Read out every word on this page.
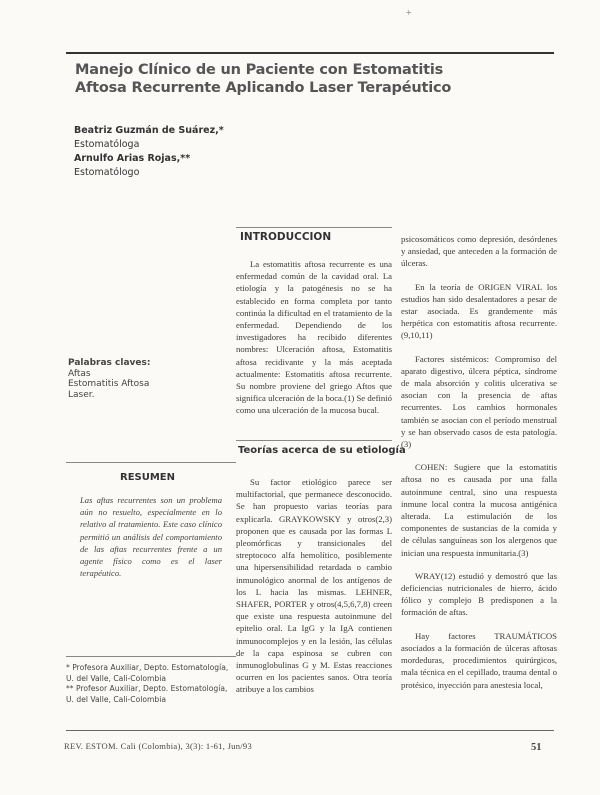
+
Manejo Clínico de un Paciente con Estomatitis Aftosa Recurrente Aplicando Laser Terapéutico
Beatriz Guzmán de Suárez,*
Estomatóloga
Arnulfo Arias Rojas,**
Estomatólogo
Palabras claves:
Aftas
Estomatitis Aftosa
Laser.
RESUMEN
Las aftas recurrentes son un problema aún no resuelto, especialmente en lo relativo al tratamiento. Este caso clínico permitió un análisis del comportamiento de las aftas recurrentes frente a un agente físico como es el laser terapéutico.
* Profesora Auxiliar, Depto. Estomatología, U. del Valle, Cali-Colombia
** Profesor Auxiliar, Depto. Estomatología, U. del Valle, Cali-Colombia
INTRODUCCION

La estomatitis aftosa recurrente es una enfermedad común de la cavidad oral. La etiología y la patogénesis no se ha establecido en forma completa por tanto continúa la dificultad en el tratamiento de la enfermedad. Dependiendo de los investigadores ha recibido diferentes nombres: Ulceración aftosa, Estomatitis aftosa recidivante y la más aceptada actualmente: Estomatitis aftosa recurrente. Su nombre proviene del griego Aftos que significa ulceración de la boca.(1) Se definió como una ulceración de la mucosa bucal.

Teorías acerca de su etiología

Su factor etiológico parece ser multifactorial, que permanece desconocido. Se han propuesto varias teorías para explicarla. GRAYKOWSKY y otros(2,3) proponen que es causada por las formas L pleomórficas y transicionales del streptococo alfa hemolítico, posiblemente una hipersensibilidad retardada o cambio inmunológico anormal de los antígenos de los L hacia las mismas. LEHNER, SHAFER, PORTER y otros(4,5,6,7,8) creen que existe una respuesta autoinmune del epitelio oral. La IgG y la IgA contienen inmunocomplejos y en la lesión, las células de la capa espinosa se cubren con inmunoglobulinas G y M. Estas reacciones ocurren en los pacientes sanos. Otra teoría atribuye a los cambios

psicosomáticos como depresión, desórdenes y ansiedad, que anteceden a la formación de úlceras.

En la teoría de ORIGEN VIRAL los estudios han sido desalentadores a pesar de estar asociada. Es grandemente más herpética con estomatitis aftosa recurrente.(9,10,11)

Factores sistémicos: Compromiso del aparato digestivo, úlcera péptica, síndrome de mala absorción y colitis ulcerativa se asocian con la presencia de aftas recurrentes. Los cambios hormonales también se asocian con el período menstrual y se han observado casos de esta patología.(3)

COHEN: Sugiere que la estomatitis aftosa no es causada por una falla autoinmune central, sino una respuesta inmune local contra la mucosa antigénica alterada. La estimulación de los componentes de sustancias de la comida y de células sanguíneas son los alergenos que inician una respuesta inmunitaria.(3)

WRAY(12) estudió y demostró que las deficiencias nutricionales de hierro, ácido fólico y complejo B predisponen a la formación de aftas.

Hay factores TRAUMÁTICOS asociados a la formación de úlceras aftosas mordeduras, procedimientos quirúrgicos, mala técnica en el cepillado, trauma dental o protésico, inyección para anestesia local,

REV. ESTOM. Cali (Colombia), 3(3): 1-61, Jun/93	51
